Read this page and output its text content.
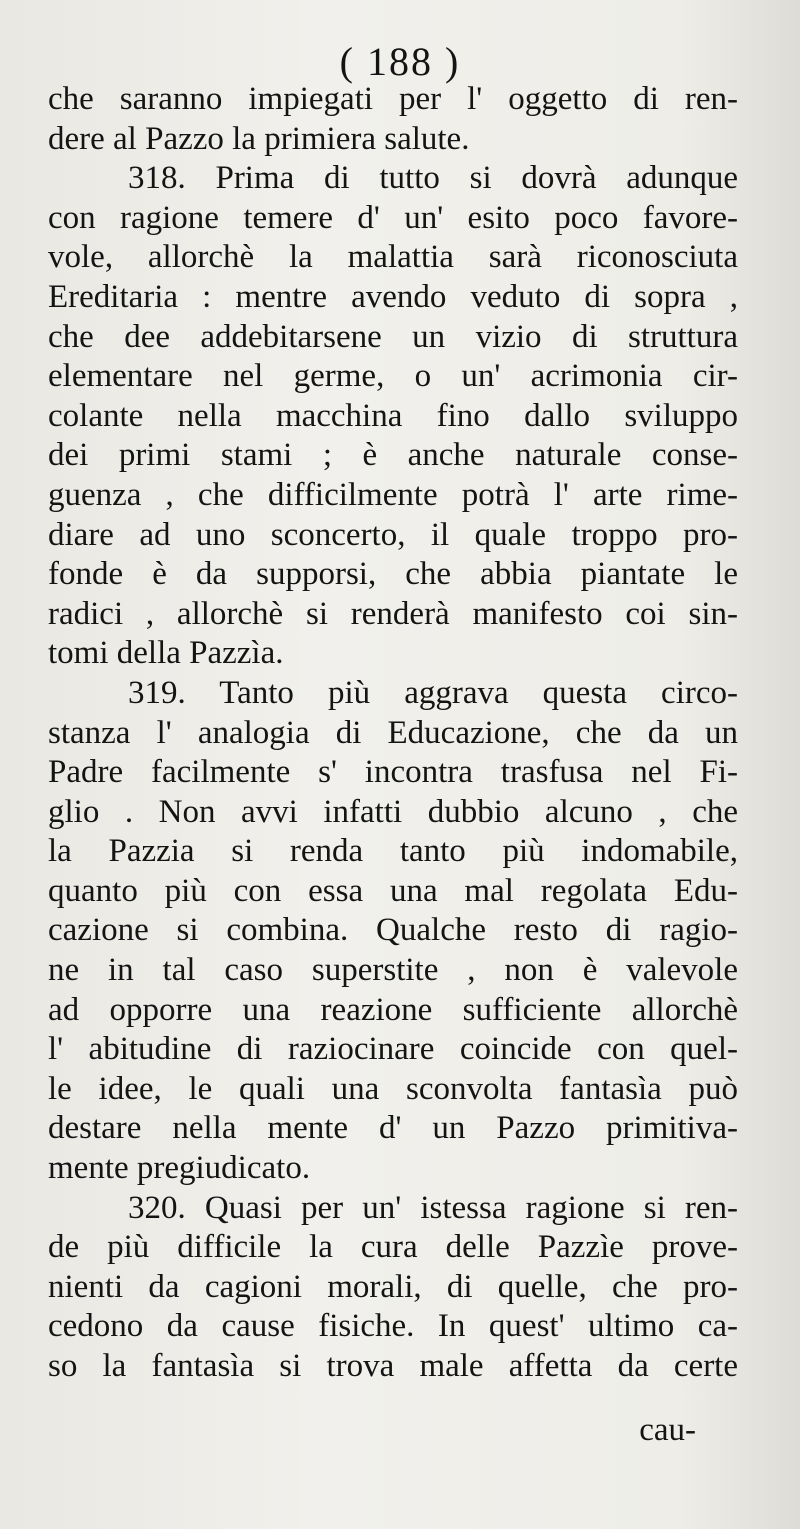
( 188 )
che saranno impiegati per l' oggetto di ren-
dere al Pazzo la primiera salute.
318. Prima di tutto si dovrà adunque
con ragione temere d' un' esito poco favore-
vole, allorchè la malattia sarà riconosciuta
Ereditaria : mentre avendo veduto di sopra ,
che dee addebitarsene un vizio di struttura
elementare nel germe, o un' acrimonia cir-
colante nella macchina fino dallo sviluppo
dei primi stami ; è anche naturale conse-
guenza , che difficilmente potrà l' arte rime-
diare ad uno sconcerto, il quale troppo pro-
fonde è da supporsi, che abbia piantate le
radici , allorchè si renderà manifesto coi sin-
tomi della Pazzìa.
319. Tanto più aggrava questa circo-
stanza l' analogia di Educazione, che da un
Padre facilmente s' incontra trasfusa nel Fi-
glio . Non avvi infatti dubbio alcuno , che
la Pazzia si renda tanto più indomabile,
quanto più con essa una mal regolata Edu-
cazione si combina. Qualche resto di ragio-
ne in tal caso superstite , non è valevole
ad opporre una reazione sufficiente allorchè
l' abitudine di raziocinare coincide con quel-
le idee, le quali una sconvolta fantasìa può
destare nella mente d' un Pazzo primitiva-
mente pregiudicato.
320. Quasi per un' istessa ragione si ren-
de più difficile la cura delle Pazzìe prove-
nienti da cagioni morali, di quelle, che pro-
cedono da cause fisiche. In quest' ultimo ca-
so la fantasìa si trova male affetta da certe
cau-
